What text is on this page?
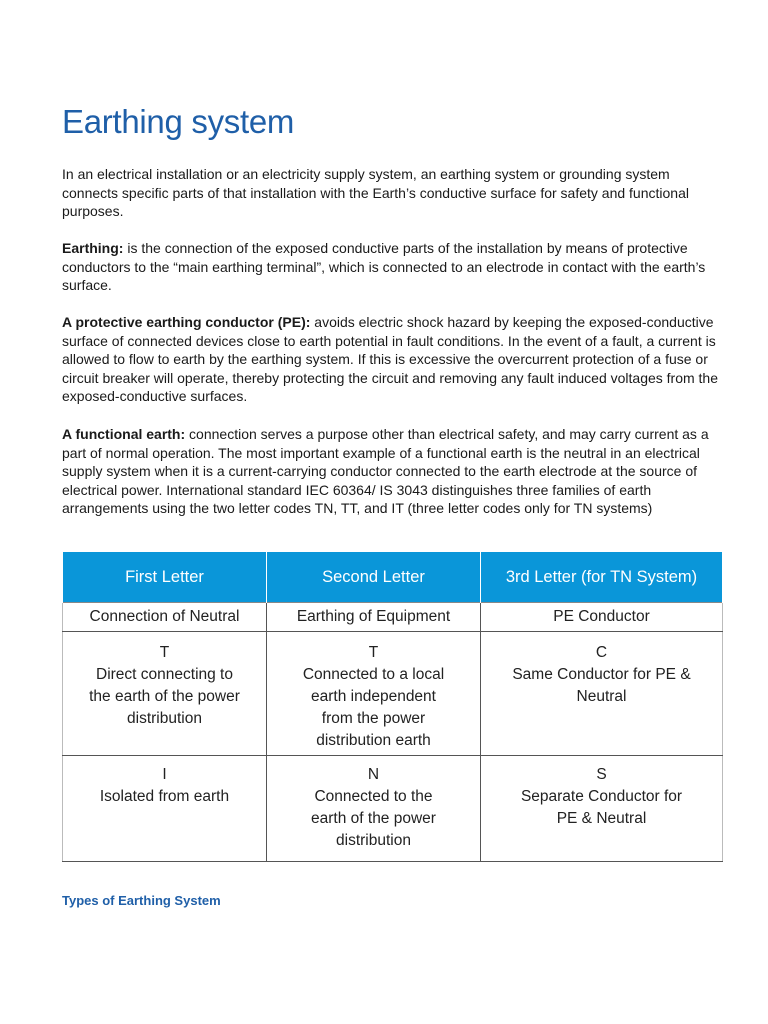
Earthing system

In an electrical installation or an electricity supply system, an earthing system or grounding system connects specific parts of that installation with the Earth’s conductive surface for safety and functional purposes.

Earthing: is the connection of the exposed conductive parts of the installation by means of protective conductors to the “main earthing terminal”, which is connected to an electrode in contact with the earth’s surface.

A protective earthing conductor (PE): avoids electric shock hazard by keeping the exposed-conductive surface of connected devices close to earth potential in fault conditions. In the event of a fault, a current is allowed to flow to earth by the earthing system. If this is excessive the overcurrent protection of a fuse or circuit breaker will operate, thereby protecting the circuit and removing any fault induced voltages from the exposed-conductive surfaces.

A functional earth: connection serves a purpose other than electrical safety, and may carry current as a part of normal operation. The most important example of a functional earth is the neutral in an electrical supply system when it is a current-carrying conductor connected to the earth electrode at the source of electrical power. International standard IEC 60364/ IS 3043 distinguishes three families of earth arrangements using the two letter codes TN, TT, and IT (three letter codes only for TN systems)

First Letter	Second Letter	3rd Letter (for TN System)
Connection of Neutral	Earthing of Equipment	PE Conductor

T
Direct connecting to
the earth of the power
distribution	T
Connected to a local
earth independent
from the power
distribution earth	C
Same Conductor for PE &
Neutral

I
Isolated from earth	N
Connected to the
earth of the power
distribution	S
Separate Conductor for
PE & Neutral

Types of Earthing System
